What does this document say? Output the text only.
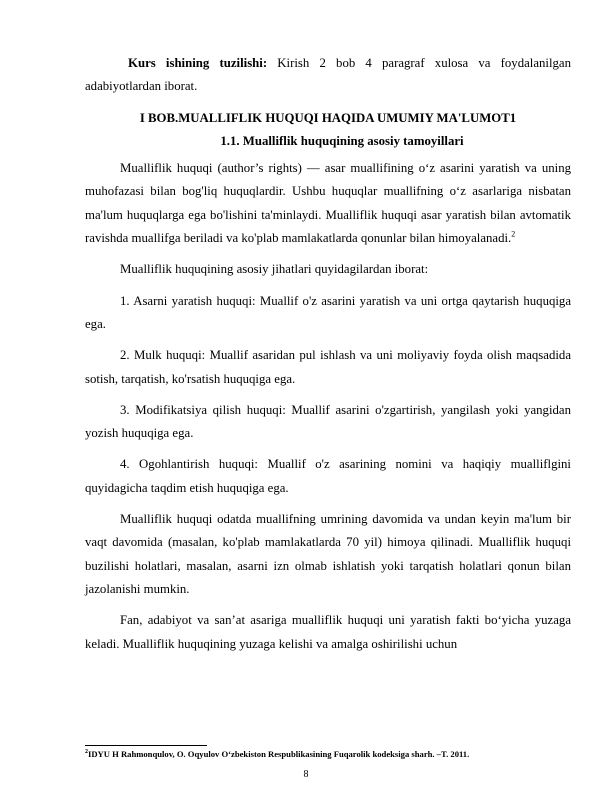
Kurs ishining tuzilishi: Kirish 2 bob 4 paragraf xulosa va foydalanilgan adabiyotlardan iborat.

I BOB.MUALLIFLIK HUQUQI HAQIDA UMUMIY MA'LUMOT1
1.1. Mualliflik huquqining asosiy tamoyillari

Mualliflik huquqi (author’s rights) — asar muallifining o‘z asarini yaratish va uning muhofazasi bilan bog'liq huquqlardir. Ushbu huquqlar muallifning o‘z asarlariga nisbatan ma'lum huquqlarga ega bo'lishini ta'minlaydi. Mualliflik huquqi asar yaratish bilan avtomatik ravishda muallifga beriladi va ko'plab mamlakatlarda qonunlar bilan himoyalanadi.$^2$

Mualliflik huquqining asosiy jihatlari quyidagilardan iborat:

1. Asarni yaratish huquqi: Muallif o'z asarini yaratish va uni ortga qaytarish huquqiga ega.

2. Mulk huquqi: Muallif asaridan pul ishlash va uni moliyaviy foyda olish maqsadida sotish, tarqatish, ko'rsatish huquqiga ega.

3. Modifikatsiya qilish huquqi: Muallif asarini o'zgartirish, yangilash yoki yangidan yozish huquqiga ega.

4. Ogohlantirish huquqi: Muallif o'z asarining nomini va haqiqiy mualliflgini quyidagicha taqdim etish huquqiga ega.

Mualliflik huquqi odatda muallifning umrining davomida va undan keyin ma'lum bir vaqt davomida (masalan, ko'plab mamlakatlarda 70 yil) himoya qilinadi. Mualliflik huquqi buzilishi holatlari, masalan, asarni izn olmab ishlatish yoki tarqatish holatlari qonun bilan jazolanishi mumkin.

Fan, adabiyot va san’at asariga mualliflik huquqi uni yaratish fakti bo‘yicha yuzaga keladi. Mualliflik huquqining yuzaga kelishi va amalga oshirilishi uchun

$^2$IDYU H Rahmonqulov, O. Oqyulov O‘zbekiston Respublikasining Fuqarolik kodeksiga sharh. –T. 2011.
8
